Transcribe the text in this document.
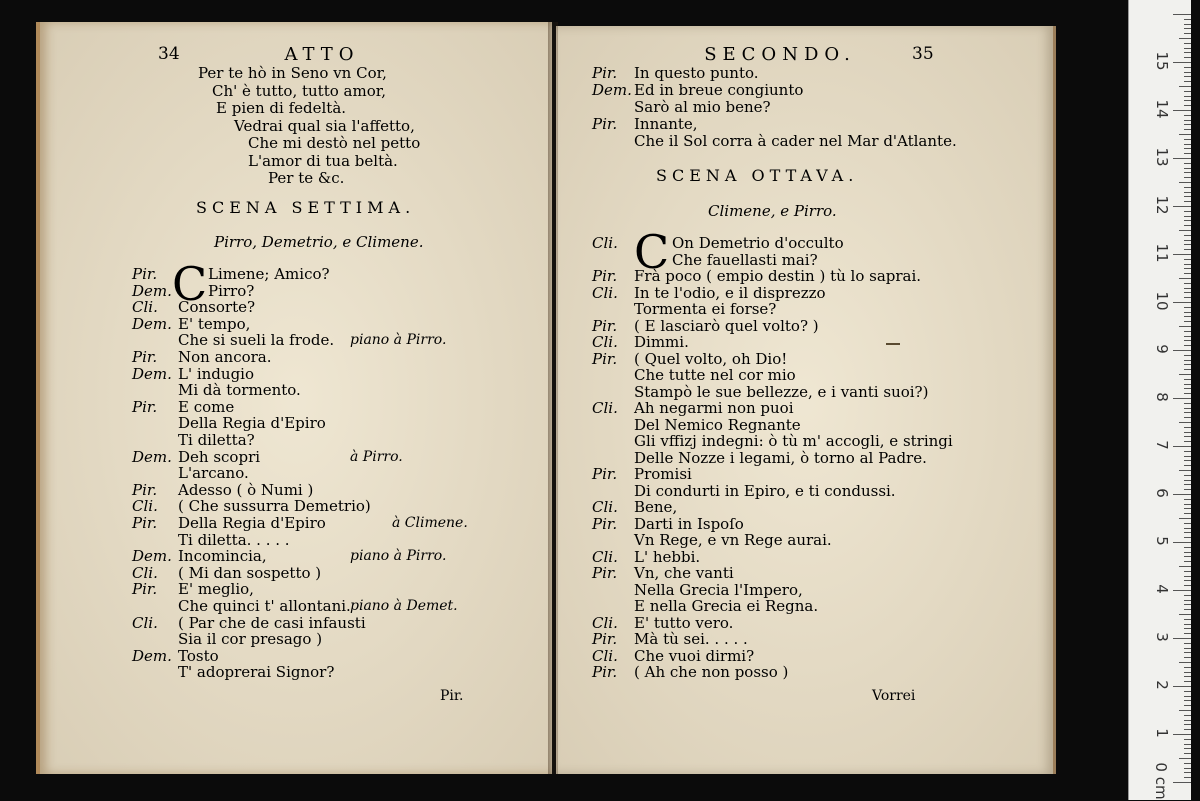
34	ATTO
Per te hò in Seno vn Cor,
Ch' è tutto, tutto amor,
E pien di fedeltà.
Vedrai qual sia l'affetto,
Che mi destò nel petto
L'amor di tua beltà.
Per te &c.
SCENA SETTIMA.
Pirro, Demetrio, e Climene.
C
Pir.	Limene; Amico?
Dem. Pirro?
Cli. Consorte?
Dem. E' tempo,
Che si sueli la frode. piano à Pirro.
Pir. Non ancora.
Dem. L' indugio
Mi dà tormento.
Pir. E come
Della Regia d'Epiro
Ti diletta?
Dem. Deh scopri	à Pirro.
L'arcano.
Pir. Adesso ( ò Numi )
Cli. ( Che sussurra Demetrio)
Pir. Della Regia d'Epiro	à Climene.
Ti diletta. . . . .
Dem. Incomincia,	piano à Pirro.
Cli. ( Mi dan sospetto )
Pir. E' meglio,
Che quinci t' allontani. piano à Demet.
Cli. ( Par che de casi infausti
Sia il cor presago )
Dem. Tosto
T' adoprerai Signor?
Pir.
SECONDO.	35
Pir. In questo punto.
Dem. Ed in breue congiunto
Sarò al mio bene?
Pir. Innante,
Che il Sol corra à cader nel Mar d'Atlante.
SCENA OTTAVA.
Climene, e Pirro.
C
Cli.	On Demetrio d'occulto
Che fauellasti mai?
Pir. Frà poco ( empio destin ) tù lo saprai.
Cli. In te l'odio, e il disprezzo
Tormenta ei forse?
Pir. ( E lasciarò quel volto? )
Cli. Dimmi.
Pir. ( Quel volto, oh Dio!
Che tutte nel cor mio
Stampò le sue bellezze, e i vanti suoi?)
Cli. Ah negarmi non puoi
Del Nemico Regnante
Gli vffizj indegni: ò tù m' accogli, e stringi
Delle Nozze i legami, ò torno al Padre.
Pir. Promisi
Di condurti in Epiro, e ti condussi.
Cli. Bene,
Pir. Darti in Ispoſo
Vn Rege, e vn Rege aurai.
Cli. L' hebbi.
Pir. Vn, che vanti
Nella Grecia l'Impero,
E nella Grecia ei Regna.
Cli. E' tutto vero.
Pir. Mà tù sei. . . . .
Cli. Che vuoi dirmi?
Pir. ( Ah che non posso )
Vorrei
0 cm
1
2
3
4
5
6
7
8
9
10
11
12
13
14
15
